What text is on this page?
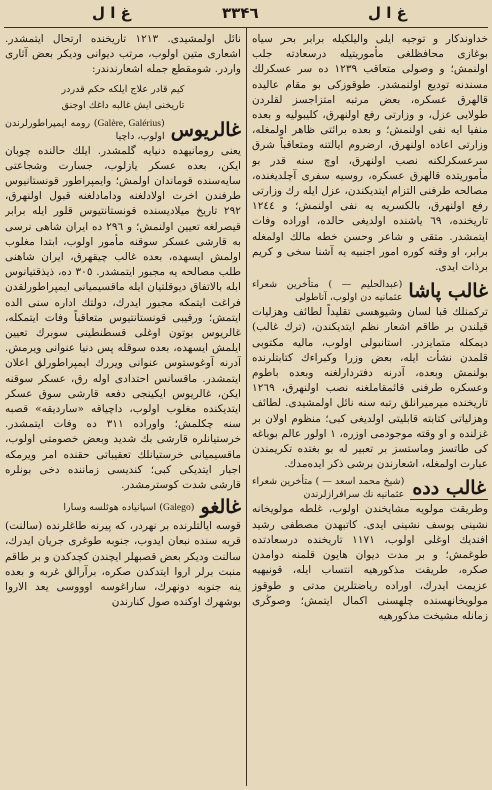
غ ا ل
۳۳۴٦
غ ا ل

خداوندكار و توجيه ايلى واليلكيله برابر بحر سياه بوغازى محافظلغى مأموريتيله درسعادته جلب اولنمش؛ و وصولى متعاقب ١٢٣٩ ده سر عسكرلك مسندنه توديع اولنمشدر. طوقوزكى بو مقام عاليده قالهرق عسكره، بعض مرتبه امتزاجسز لقلردن طولايى عزل، و وزارتى رفع اولنهرق، كليبوليه و بعده منفيا ايه نفى اولنمش؛ و بعده برائتى ظاهر اولمغله، وزارتى اعاده اولنهرق، ارضروم ايالتنه ومتعاقباً شرق سرعسكرلكنه نصب اولنهرق، اوچ سنه قدر بو مأموريتده قالهرق عسكره، روسيه سفرى آچلديغنده، مصالحه طرفنى التزام ايتديكندن، عزل ايله رك وزارتى رفع اولنهرق، بالكسريه يه نفى اولنمش؛ و ١٢٤٤ تاريخنده، ٦٩ ياشنده اولديغى حالده، اوراده وفات ايتمشدر. متقى و شاعر وحسن خطه مالك اولمغله برابر، او وقته كوره امور اجنبيه يه آشنا سخى و كريم برذات ايدى.

غالب پاشا
(عبدالحليم — ) متأخرين شعراء عثمانيه دن اولوب، آناطولى

تركمنلك قبا لسان وشيوهسى تقليداً لطائف وهزليات قيلندن بر طاقم اشعار نظم ايتديكندن، (ترك غالب) ديمكله متمايزدر. استانبولى اولوب، ماليه مكتوبى قلمدن نشأت ايله، بعض وزرا وكبراءك كتابتلرنده بولنمش وبعده، آدرنه دفتردارلغنه وبعده باطوم وعسكره طرفنى قائمقاملغنه نصب اولنهرق، ١٢٦٩ تاريخنده ميرميرانلق رتبه سنه نائل اولمشيدى. لطائف وهزلياتى كتابته قابليتى اولديغى كبى؛ منظوم اولان بر غزلنده و او وقته موجودمى اوزره، ١ اولور عالم بوباغه كى طاتسز وماستسز بر تعبير له بو بغتده تكريمندن عبارت اولمغله، اشعارندن برشى ذكر ايدەمدك.

غالب دده
(شيخ محمد اسعد — ) متأخرين شعراء عثمانيه نك سرافرازلرندن

وطريقت مولويه مشايخندن اولوب، غلطه مولويخانه نشينى يوسف نشينى ايدى. كاتبهدن مصطفى رشيد افنديك اوغلى اولوب، ١١٧١ تاريخنده درسعادتده طوغمش؛ و بر مدت ديوان هايون قلمنه دوامدن صكره، طريقت مذكورهيه انتساب ايله، قونيهيه عزيمت ايدرك، اوراده رياضتلرين مدتى و طوقوز مولويخانهسنده چلهسنى اكمال ايتمش؛ وصوڭرى زمانله مشيخت مذكورهيه

نائل اولمشيدى. ١٢١٣ تاريخنده ارتحال ايتمشدر. اشعارى متين اولوب، مرتب ديوانى وديكر بعض آثارى واردر. شومقطع جمله اشعارندندر:

كيم قادر علاج ايلكه حكم قدردر
تاريخنى ايش غالبه داغك اوجنق
غالريوس
(Galère, Galérius) رومه ايمپراطورلرندن اولوب، داچيا

يعنى رومانيهده دنيايه گلمشدر. ايلك حالنده چوبان ايكن، بعده عسكر يازلوب، جسارت وشجاعتى سايەسنده قوماندان اولمش؛ وايمپراطور قونستانيوس طرفندن اخرت اولادلغنه ودامادلغنه قبول اولنهرق، ٢٩٢ تاريخ ميلاديسنده قونستانتيوس قلور ايله برابر قيصرلغه تعيين اولنمش؛ و ٢٩٦ ده ايران شاهى نرسى به قارشى عسكر سوقنه مأمور اولوب، ابتدا مغلوب اولمش ايسهده، بعده غالب چيقهرق، ايران شاهنى طلب مصالحه يه مجبور ايتمشدر. ٣٠٥ ده، ذيذقتيانوس ابله بالاتفاق ديوقلتيان ايله ماقسيميانى ايمپراطورلقدن فراغت ايتمكه مجبور ايدرك، دولتك اداره سنى الده ايتمش؛ ورقيبى قونستانتيوس متعاقباً وفات ايتمكله، غالريوس بوتون اوغلى قسطنطينى سوبرك تعيين ايلمش ايسهده، بعده سوقله پس دنيا عنوانى ويرمش. آدرنه آوغوستوس عنوانى ويررك ايمپراطورلق اعلان ايتمشدر. ماقسانس احتدادى اوله رق، عسكر سوقنه ايكن، غالريوس ايكينجى دفعه قارشى سوق عسكر ايتديكنده مغلوب اولوب، داچياقه «سارديقه» قصبه سنه چكلمش؛ واوراده ٣١١ ده وفات ايتمشدر. خرستيانلره قارشى بك شديد وبعض خصومتى اولوب، ماقسيميانى خرستيانلك تعقيباتى حقنده امر ويرمكه اجبار ايتديكى كبى؛ كنديسى زماننده دخى بونلره قارشى شدت كوسترمشدر.

غالغو
(Galego) اسپانيادە هوئلسه وسارا

قوسه ايالتلرنده بر نهردر، كه پيرنه طاغلرنده (سالنت) قريه سنده نبعان ايدوب، جنوبه طوغرى جريان ايدرك، سالنت وديكر بعض قصبهلر ايچندن كچدكدن و بر طاقم منبت برلر اروا ايتدكدن صكره، برآرالق غربه و بعده ينه جنوبه دونهرك، ساراغوسه اوووسى يعد الاروا بوشهرك اوكنده صول كنارندن
